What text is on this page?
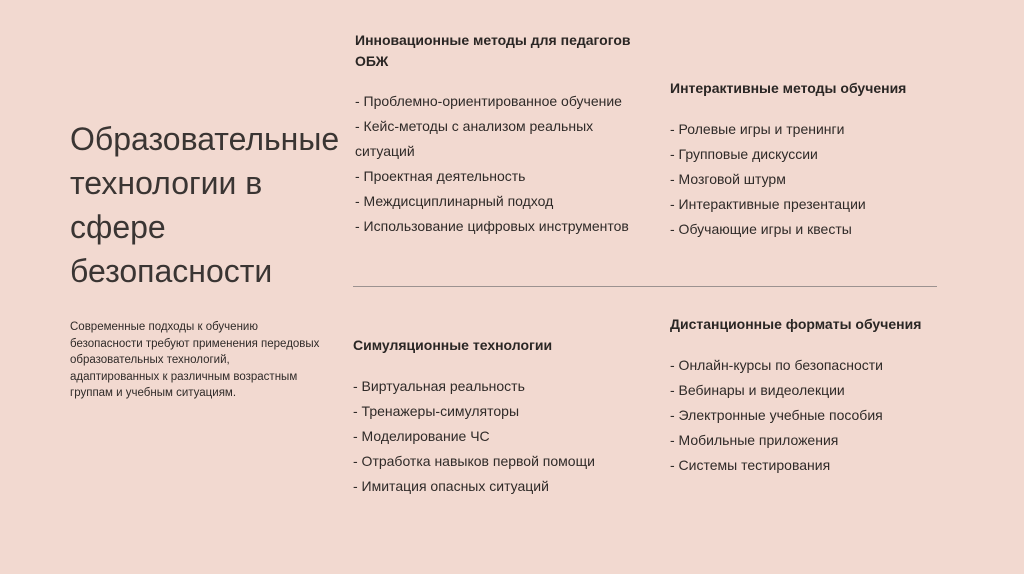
Образовательные технологии в сфере безопасности
Современные подходы к обучению безопасности требуют применения передовых образовательных технологий, адаптированных к различным возрастным группам и учебным ситуациям.
Инновационные методы для педагогов ОБЖ
- Проблемно-ориентированное обучение
- Кейс-методы с анализом реальных ситуаций
- Проектная деятельность
- Междисциплинарный подход
- Использование цифровых инструментов
Интерактивные методы обучения
- Ролевые игры и тренинги
- Групповые дискуссии
- Мозговой штурм
- Интерактивные презентации
- Обучающие игры и квесты
Симуляционные технологии
- Виртуальная реальность
- Тренажеры-симуляторы
- Моделирование ЧС
- Отработка навыков первой помощи
- Имитация опасных ситуаций
Дистанционные форматы обучения
- Онлайн-курсы по безопасности
- Вебинары и видеолекции
- Электронные учебные пособия
- Мобильные приложения
- Системы тестирования
